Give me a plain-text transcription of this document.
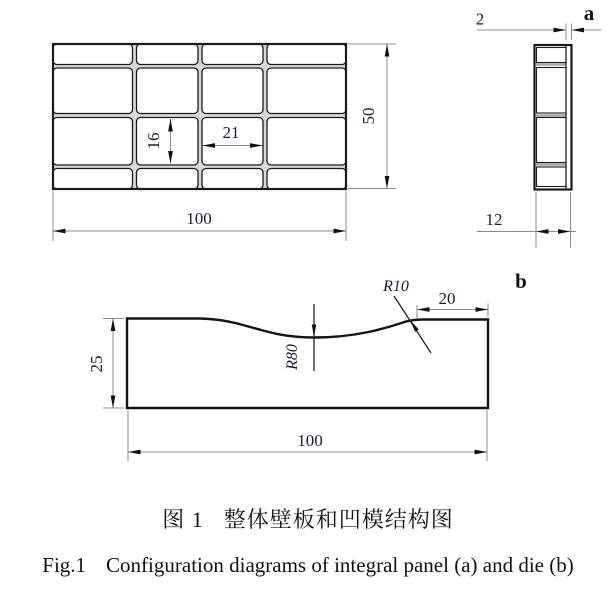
100
50
16	21
2	a
12
25
100
20
R10
R80
b
图 1 整体壁板和凹模结构图
Fig.1 Configuration diagrams of integral panel (a) and die (b)
